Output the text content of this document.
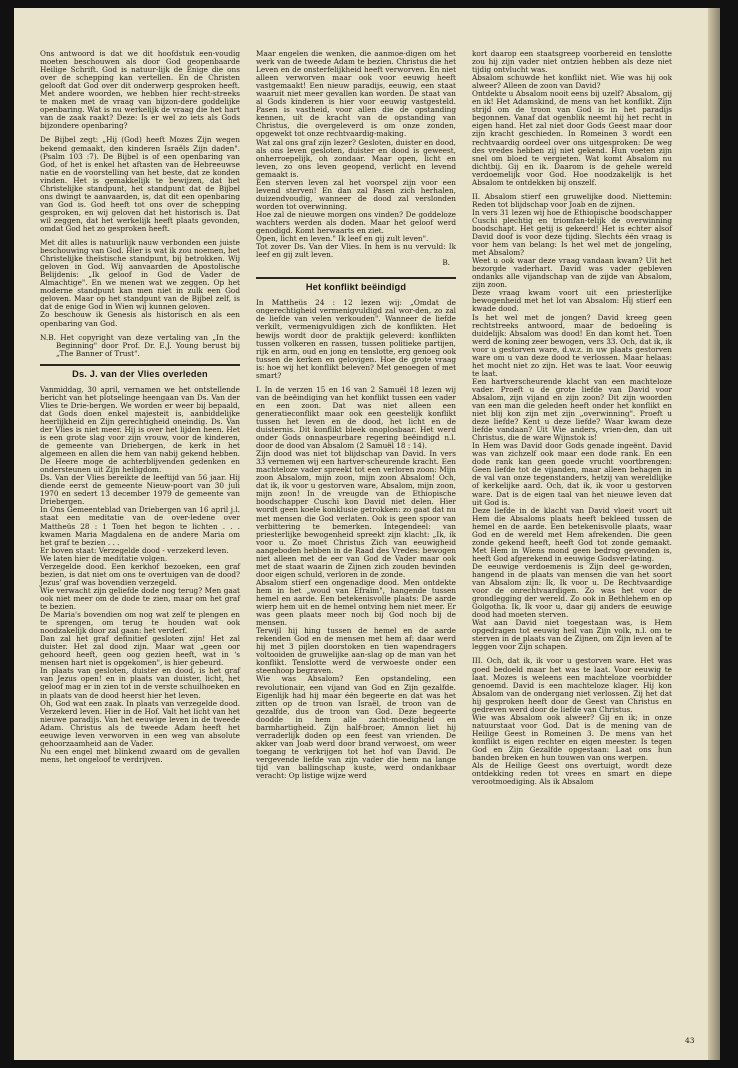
Ons antwoord is dat we dit hoofdstuk een-voudig moeten beschouwen als door God geopenbaarde Heilige Schrift. God is natuur-lijk de Enige die ons over de schepping kan vertellen. En de Christen gelooft dat God over dit onderwerp gesproken heeft. Met andere woorden, we hebben hier recht-streeks te maken met de vraag van bijzon-dere goddelijke openbaring. Wat is nu werkelijk de vraag die het hart van de zaak raakt? Deze: Is er wel zo iets als Gods bijzondere openbaring?

De Bijbel zegt: „Hij (God) heeft Mozes Zijn wegen bekend gemaakt, den kinderen Israëls Zijn daden". (Psalm 103 :7). De Bijbel is of een openbaring van God, of het is enkel het aftasten van de Hebreeuwse natie en de voorstelling van het beste, dat ze konden vinden. Het is gemakkelijk te bewijzen, dat het Christelijke standpunt, het standpunt dat de Bijbel ons dwingt te aanvaarden, is, dat dit een openbaring van God is. God heeft tot ons over de schepping gesproken, en wij geloven dat het historisch is. Dat wil zeggen, dat het werkelijk heeft plaats gevonden, omdat God het zo gesproken heeft.

Met dit alles is natuurlijk nauw verbonden een juiste beschouwing van God. Hier is wat ik zou noemen, het Christelijke theïstische standpunt, bij betrokken. Wij geloven in God. Wij aanvaarden de Apostolische Belijdenis: „Ik geloof in God de Vader de Almachtige". En we menen wat we zeggen. Op het moderne standpunt kan men niet in zulk een God geloven. Maar op het standpunt van de Bijbel zelf, is dat de enige God in Wien wij kunnen geloven.
Zo beschouw ik Genesis als historisch en als een openbaring van God.

N.B. Het copyright van deze vertaling van „In the Beginning" door Prof. Dr. E.J. Young berust bij „The Banner of Trust".

Ds. J. van der Vlies overleden

Vanmiddag, 30 april, vernamen we het ontstellende bericht van het plotselinge heengaan van Ds. Van der Vlies te Drie-bergen. We worden er weer bij bepaald, dat Gods doen enkel majesteit is, aanbiddelijke heerlijkheid en Zijn gerechtigheid oneindig. Ds. Van der Vlies is niet meer. Hij is over het lijden heen. Het is een grote slag voor zijn vrouw, voor de kinderen, de gemeente van Driebergen, de kerk in het algemeen en allen die hem van nabij gekend hebben. De Heere moge de achterblijvenden gedenken en ondersteunen uit Zijn heiligdom.
Ds. Van der Vlies bereikte de leeftijd van 56 jaar. Hij diende eerst de gemeente Nieuw-poort van 30 juli 1970 en sedert 13 december 1979 de gemeente van Driebergen.
In Ons Gemeenteblad van Driebergen van 16 april j.l. staat een meditatie van de over-ledene over Mattheüs 28 : 1 Toen het begon te lichten . . . kwamen Maria Magdalena en de andere Maria om het graf te bezien . . .
Er boven staat: Verzegelde dood - verzekerd leven.
We laten hier de meditatie volgen.
Verzegelde dood. Een kerkhof bezoeken, een graf bezien, is dat niet om ons te overtuigen van de dood? Jezus' graf was bovendien verzegeld.
Wie verwacht zijn geliefde dode nog terug? Men gaat ook niet meer om de dode te zien, maar om het graf te bezien.
De Maria's bovendien om nog wat zelf te plengen en te sprengen, om terug te houden wat ook noodzakelijk door zal gaan: het verderf.
Dan zal het graf definitief gesloten zijn! Het zal duister. Het zal dood zijn. Maar wat „geen oor gehoord heeft, geen oog gezien heeft, wat in 's mensen hart niet is opgekomen", is hier gebeurd.
In plaats van gesloten, duister en dood, is het graf van Jezus open! en in plaats van duister, licht, het geloof mag er in zien tot in de verste schuilhoeken en in plaats van de dood heerst hier het leven.
Oh, God wat een zaak. In plaats van verzegelde dood. Verzekerd leven. Hier in de Hof. Valt het licht van het nieuwe paradijs. Van het eeuwige leven in de tweede Adam. Christus als de tweede Adam heeft het eeuwige leven verworven in een weg van absolute gehoorzaamheid aan de Vader.
Nu een engel met blinkend zwaard om de gevallen mens, het ongeloof te verdrijven.

Maar engelen die wenken, die aanmoe-digen om het werk van de tweede Adam te bezien. Christus die het Leven en de onsterfelijkheid heeft verworven. En niet alleen verworven maar ook voor eeuwig heeft vastgemaakt! Een nieuw paradijs, eeuwig, een staat waaruit niet meer gevallen kan worden. De staat van al Gods kinderen is hier voor eeuwig vastgesteld. Pasen is vastheid, voor allen die de opstanding kennen, uit de kracht van de opstanding van Christus, die overgeleverd is om onze zonden, opgewekt tot onze rechtvaardig-making.
Wat zal ons graf zijn lezer? Gesloten, duister en dood, als ons leven gesloten, duister en dood is geweest, onherroepelijk, oh zondaar. Maar open, licht en leven, zo ons leven geopend, verlicht en levend gemaakt is.
Een sterven leven zal het voorspel zijn voor een levend sterven! En dan zal Pasen zich herhalen, duizendvoudig, wanneer de dood zal verslonden worden tot overwinning.
Hoe zal de nieuwe morgen ons vinden? De goddeloze wachters werden als doden. Maar het geloof werd genodigd. Komt herwaarts en ziet.
Open, licht en leven." Ik leef en gij zult leven".
Tot zover Ds. Van der Vlies. In hem is nu vervuld: Ik leef en gij zult leven.

B.

Het konflikt beëindigd

In Mattheüs 24 : 12 lezen wij: „Omdat de ongerechtigheid vermenigvuldigd zal wor-den, zo zal de liefde van velen verkouden". Wanneer de liefde verkilt, vermenigvuldigen zich de konflikten. Het bewijs wordt door de praktijk geleverd: konflikten tussen volkeren en rassen, tussen politieke partijen, rijk en arm, oud en jong en tenslotte, erg genoeg ook tussen de kerken en gelovigen. Hoe de grote vraag is: hoe wij het konflikt beleven? Met genoegen of met smart?

I. In de verzen 15 en 16 van 2 Samuël 18 lezen wij van de beëindiging van het konflikt tussen een vader en een zoon. Dat was niet alleen een generatieconflikt maar ook een geestelijk konflikt tussen het leven en de dood, het licht en de duisternis. Dit konflikt bleek onoplosbaar. Het werd onder Gods onnaspeurbare regering beëindigd n.l. door de dood van Absalom (2 Samuël 18 : 14).
Zijn dood was niet tot blijdschap van David. In vers 33 vernemen wij een hartver-scheurende kracht. Een machteloze vader spreekt tot een verloren zoon: Mijn zoon Absalom, mijn zoon, mijn zoon Absalom! Och, dat ik, ik voor u gestorven ware, Absalom, mijn zoon, mijn zoon! In de vreugde van de Ethiopische boodschapper Cuschi kon David niet delen. Hier wordt geen koele konklusie getrokken: zo gaat dat nu met mensen die God verlaten. Ook is geen spoor van verbittering te bemerken. Integendeel: van priesterlijke bewogenheid spreekt zijn klacht: „Ik, ik voor u. Zo moet Christus Zich van eeuwigheid aangeboden hebben in de Raad des Vredes: bewogen niet alleen met de eer van God de Vader maar ook met de staat waarin de Zijnen zich zouden bevinden door eigen schuld, verloren in de zonde.
Absalom stierf een ongenadige dood. Men ontdekte hem in het „woud van Efraïm", hangende tussen hemel en aarde. Een betekenisvolle plaats: De aarde wierp hem uit en de hemel ontving hem niet meer. Er was geen plaats meer noch bij God noch bij de mensen.
Terwijl hij hing tussen de hemel en de aarde rekenden God en de mensen met hem af: daar werd hij met 3 pijlen doorstoken en tien wapendragers voltooiden de gruwelijke aan-slag op de man van het konflikt. Tenslotte werd de verwoeste onder een steenhoop begraven.
Wie was Absalom? Een opstandeling, een revolutionair, een vijand van God en Zijn gezalfde. Eigenlijk had hij maar één begeerte en dat was het zitten op de troon van Israël, de troon van de gezalfde, dus de troon van God. Deze begeerte doodde in hem alle zacht-moedigheid en barmhartigheid. Zijn half-broer, Amnon liet hij verraderlijk doden op een feest van vrienden. De akker van Joab werd door brand verwoest, om weer toegang te verkrijgen tot het hof van David. De vergevende liefde van zijn vader die hem na lange tijd van ballingschap kuste, werd ondankbaar veracht: Op listige wijze werd

kort daarop een staatsgreep voorbereid en tenslotte zou hij zijn vader niet ontzien hebben als deze niet tijdig ontvlucht was.
Absalom schuwde het konflikt niet. Wie was hij ook alweer? Alleen de zoon van David?
Ontdekte u Absalom nooit eens bij uzelf? Absalom, gij en ik! Het Adamskind, de mens van het konflikt. Zijn strijd om de troon van God is in het paradijs begonnen. Vanaf dat ogenblik neemt hij het recht in eigen hand. Het zal niet door Gods Geest maar door zijn kracht geschieden. In Romeinen 3 wordt een rechtvaardig oordeel over ons uitgesproken: De weg des vredes hebben zij niet gekend. Hun voeten zijn snel om bloed te vergieten. Wat komt Absalom nu dichtbij. Gij en ik. Daarom is de gehele wereld verdoemelijk voor God. Hoe noodzakelijk is het Absalom te ontdekken bij onszelf.

II. Absalom stierf een gruwelijke dood. Niettemin: Reden tot blijdschap voor Joab en de zijnen.
In vers 31 lezen wij hoe de Ethiopische boodschapper Cuschi plechtig en triomfan-telijk de overwinning boodschapt. Het getij is gekeerd! Het is echter alsof David doof is voor deze tijding. Slechts één vraag is voor hem van belang: Is het wel met de jongeling, met Absalom?
Weet u ook waar deze vraag vandaan kwam? Uit het bezorgde vaderhart. David was vader gebleven ondanks alle vijandschap van de zijde van Absalom, zijn zoon.
Deze vraag kwam voort uit een priesterlijke bewogenheid met het lot van Absalom: Hij stierf een kwade dood.
Is het wel met de jongen? David kreeg geen rechtstreeks antwoord, maar de bedoeling is duidelijk: Absalom was dood! En dan komt het. Toen werd de koning zeer bewogen, vers 33. Och, dat ik, ik voor u gestorven ware, d.w.z. in uw plaats gestorven ware om u van deze dood te verlossen. Maar helaas: het mocht niet zo zijn. Het was te laat. Voor eeuwig te laat.
Een hartverscheurende klacht van een machteloze vader. Proeft u de grote liefde van David voor Absalom, zijn vijand en zijn zoon? Dit zijn woorden van een man die geleden heeft onder het konflikt en niet blij kon zijn met zijn „overwinning". Proeft u deze liefde? Kent u deze liefde? Waar kwam deze liefde vandaan? Uit Wie anders, vrien-den, dan uit Christus, die de ware Wijnstok is!
In Hem was David door Gods genade ingeënt. David was van zichzelf ook maar een dode rank. En een dode rank kan geen goede vrucht voortbrengen: Geen liefde tot de vijanden, maar alleen behagen in de val van onze tegenstanders, hetzij van wereldlijke of kerkelijke aard. Och, dat ik, ik voor u gestorven ware. Dat is de eigen taal van het nieuwe leven dat uit God is.
Deze liefde in de klacht van David vloeit voort uit Hem die Absaloms plaats heeft bekleed tussen de hemel en de aarde. Een betekenisvolle plaats, waar God en de wereld met Hem afrekenden. Die geen zonde gekend heeft, heeft God tot zonde gemaakt. Met Hem in Wiens mond geen bedrog gevonden is, heeft God afgerekend in eeuwige Godsver-lating.
De eeuwige verdoemenis is Zijn deel ge-worden, hangend in de plaats van mensen die van het soort van Absalom zijn: Ik, Ik voor u. De Rechtvaardige voor de onrechtvaardigen. Zo was het voor de grondlegging der wereld. Zo ook in Bethlehem en op Golgotha. Ik, Ik voor u, daar gij anders de eeuwige dood had moeten sterven.
Wat aan David niet toegestaan was, is Hem opgedragen tot eeuwig heil van Zijn volk, n.l. om te sterven in de plaats van de Zijnen, om Zijn leven af te leggen voor Zijn schapen.

III. Och, dat ik, ik voor u gestorven ware. Het was goed bedoeld maar het was te laat. Voor eeuwig te laat. Mozes is weleens een machteloze voorbidder genoemd. David is een machteloze klager. Hij kon Absalom van de ondergang niet verlossen. Zij het dat hij gesproken heeft door de Geest van Christus en gedreven werd door de liefde van Christus.
Wie was Absalom ook alweer? Gij en ik; in onze natuurstaat voor God. Dat is de mening van de Heilige Geest in Romeinen 3. De mens van het konflikt is eigen rechter en eigen meester. Is tegen God en Zijn Gezalfde opgestaan: Laat ons hun banden breken en hun touwen van ons werpen.
Als de Heilige Geest ons overtuigt, wordt deze ontdekking reden tot vrees en smart en diepe verootmoediging. Als ik Absalom

43
